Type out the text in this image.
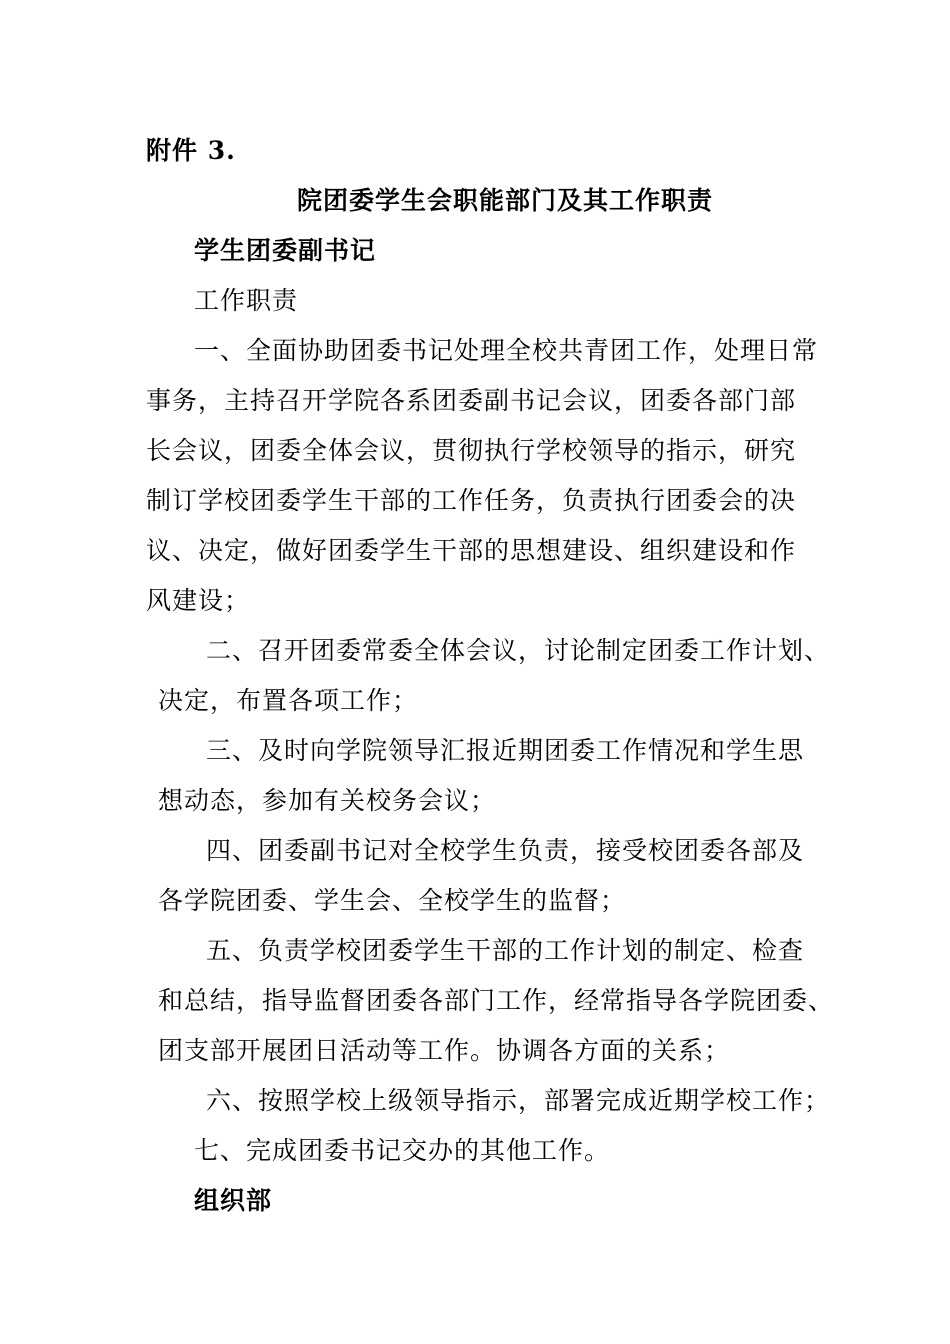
附件 3.
院团委学生会职能部门及其工作职责
学生团委副书记
工作职责
一、全面协助团委书记处理全校共青团工作，处理日常
事务，主持召开学院各系团委副书记会议，团委各部门部
长会议，团委全体会议，贯彻执行学校领导的指示，研究
制订学校团委学生干部的工作任务，负责执行团委会的决
议、决定，做好团委学生干部的思想建设、组织建设和作
风建设；
二、召开团委常委全体会议，讨论制定团委工作计划、
决定，布置各项工作；
三、及时向学院领导汇报近期团委工作情况和学生思
想动态，参加有关校务会议；
四、团委副书记对全校学生负责，接受校团委各部及
各学院团委、学生会、全校学生的监督；
五、负责学校团委学生干部的工作计划的制定、检查
和总结，指导监督团委各部门工作，经常指导各学院团委、
团支部开展团日活动等工作。协调各方面的关系；
六、按照学校上级领导指示，部署完成近期学校工作；
七、完成团委书记交办的其他工作。
组织部
